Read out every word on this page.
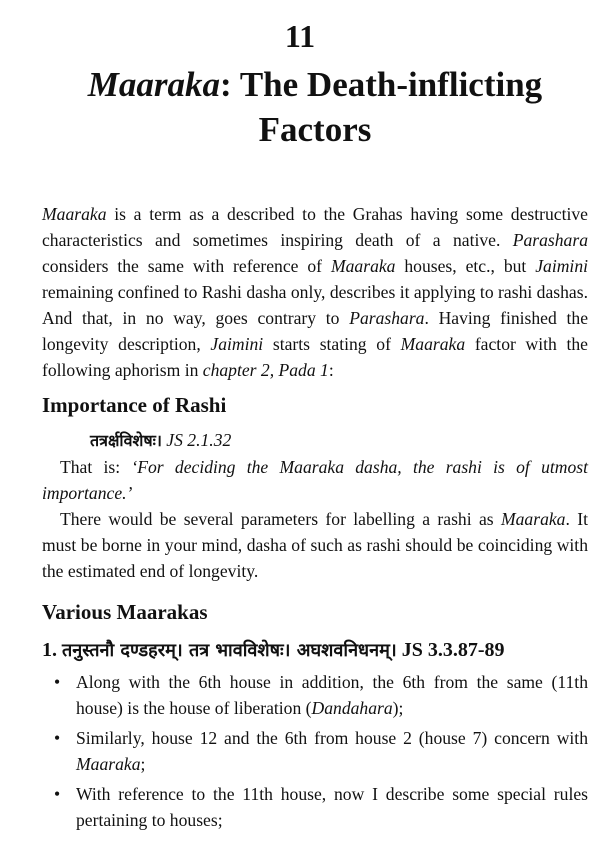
11
Maaraka: The Death-inflicting Factors

Maaraka is a term as a described to the Grahas having some destructive characteristics and sometimes inspiring death of a native. Parashara considers the same with reference of Maaraka houses, etc., but Jaimini remaining confined to Rashi dasha only, describes it applying to rashi dashas. And that, in no way, goes contrary to Parashara. Having finished the longevity description, Jaimini starts stating of Maaraka factor with the following aphorism in chapter 2, Pada 1:

Importance of Rashi

तत्रर्क्षविशेषः। JS 2.1.32

That is: ‘For deciding the Maaraka dasha, the rashi is of utmost importance.’

There would be several parameters for labelling a rashi as Maaraka. It must be borne in your mind, dasha of such as rashi should be coinciding with the estimated end of longevity.

Various Maarakas
1. तनुस्तनौ दण्डहरम्। तत्र भावविशेषः। अघशवनिधनम्। JS 3.3.87-89
• Along with the 6th house in addition, the 6th from the same (11th house) is the house of liberation (Dandahara);
• Similarly, house 12 and the 6th from house 2 (house 7) concern with Maaraka;
• With reference to the 11th house, now I describe some special rules pertaining to houses;
